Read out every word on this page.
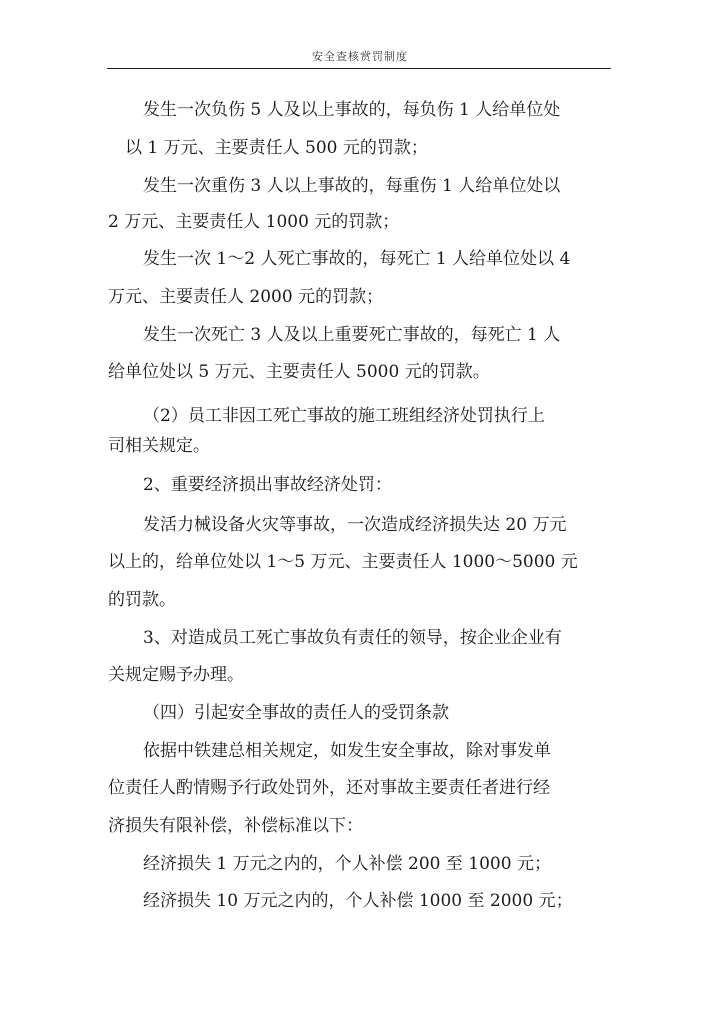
安全查核赏罚制度
发生一次负伤 5 人及以上事故的，每负伤 1 人给单位处
以 1 万元、主要责任人 500 元的罚款；
发生一次重伤 3 人以上事故的，每重伤 1 人给单位处以
2 万元、主要责任人 1000 元的罚款；
发生一次 1～2 人死亡事故的，每死亡 1 人给单位处以 4
万元、主要责任人 2000 元的罚款；
发生一次死亡 3 人及以上重要死亡事故的，每死亡 1 人
给单位处以 5 万元、主要责任人 5000 元的罚款。
（2）员工非因工死亡事故的施工班组经济处罚执行上
司相关规定。
2、重要经济损出事故经济处罚：
发活力械设备火灾等事故，一次造成经济损失达 20 万元
以上的，给单位处以 1～5 万元、主要责任人 1000～5000 元
的罚款。
3、对造成员工死亡事故负有责任的领导，按企业企业有
关规定赐予办理。
（四）引起安全事故的责任人的受罚条款
依据中铁建总相关规定，如发生安全事故，除对事发单
位责任人酌情赐予行政处罚外，还对事故主要责任者进行经
济损失有限补偿，补偿标准以下：
经济损失 1 万元之内的，个人补偿 200 至 1000 元；
经济损失 10 万元之内的，个人补偿 1000 至 2000 元；
